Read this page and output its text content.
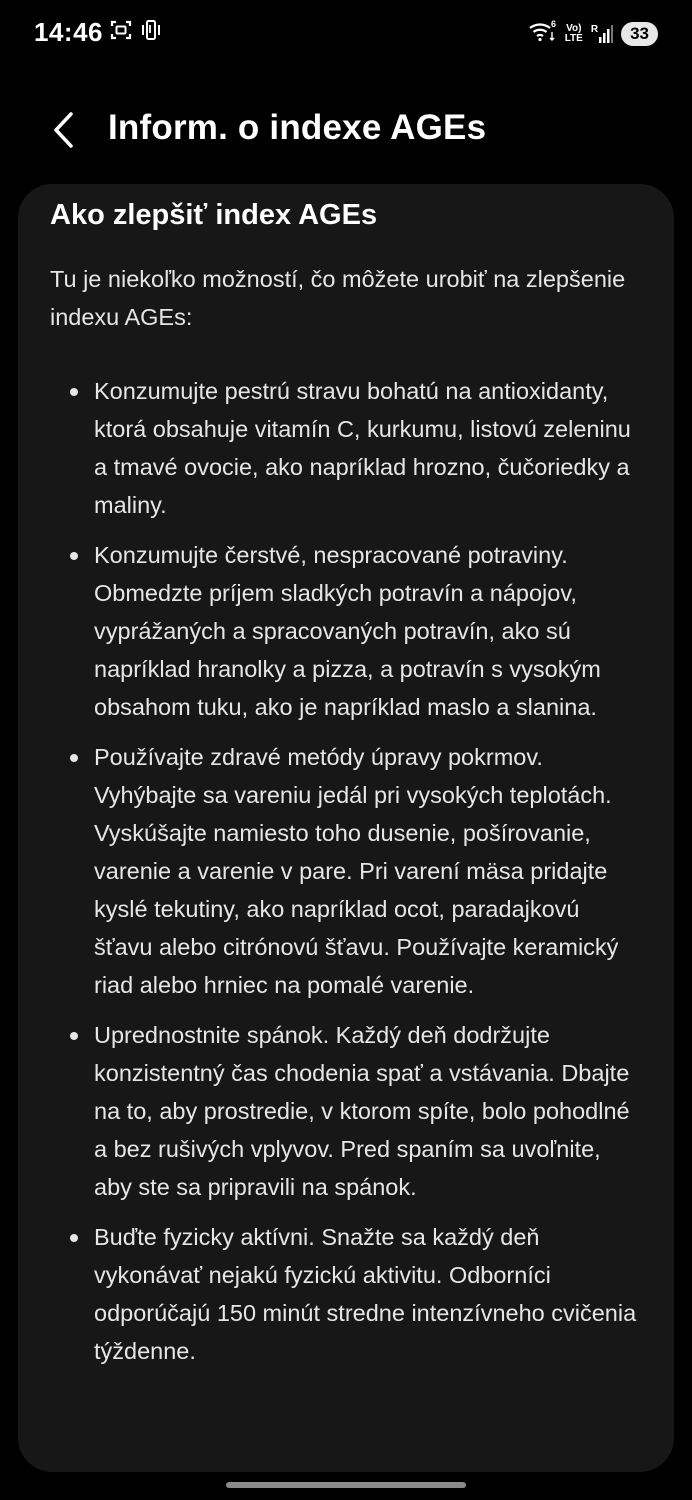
14:46	6 Vo)
LTE
R	33
Inform. o indexe AGEs
Ako zlepšiť index AGEs

Tu je niekoľko možností, čo môžete urobiť na zlepšenie indexu AGEs:

Konzumujte pestrú stravu bohatú na antioxidanty, ktorá obsahuje vitamín C, kurkumu, listovú zeleninu a tmavé ovocie, ako napríklad hrozno, čučoriedky a maliny.
Konzumujte čerstvé, nespracované potraviny. Obmedzte príjem sladkých potravín a nápojov, vyprážaných a spracovaných potravín, ako sú napríklad hranolky a pizza, a potravín s vysokým obsahom tuku, ako je napríklad maslo a slanina.
Používajte zdravé metódy úpravy pokrmov. Vyhýbajte sa vareniu jedál pri vysokých teplotách. Vyskúšajte namiesto toho dusenie, pošírovanie, varenie a varenie v pare. Pri varení mäsa pridajte kyslé tekutiny, ako napríklad ocot, paradajkovú šťavu alebo citrónovú šťavu. Používajte keramický riad alebo hrniec na pomalé varenie.
Uprednostnite spánok. Každý deň dodržujte konzistentný čas chodenia spať a vstávania. Dbajte na to, aby prostredie, v ktorom spíte, bolo pohodlné a bez rušivých vplyvov. Pred spaním sa uvoľnite, aby ste sa pripravili na spánok.
Buďte fyzicky aktívni. Snažte sa každý deň vykonávať nejakú fyzickú aktivitu. Odborníci odporúčajú 150 minút stredne intenzívneho cvičenia týždenne.
